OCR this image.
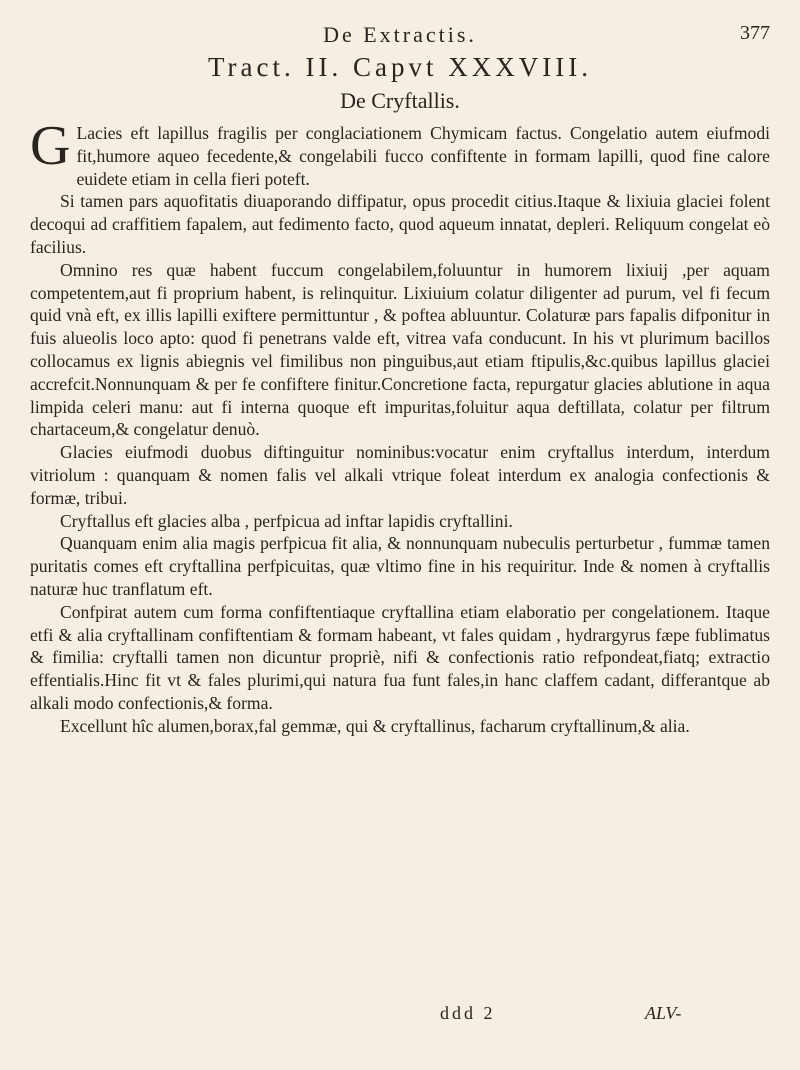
De Extractis.	377
Tract. II. Capvt XXXVIII.
De Cryftallis.

G Lacies eft lapillus fragilis per conglaciationem Chymicam factus. Congelatio autem eiufmodi fit,humore aqueo fecedente,& congelabili fucco confiftente in formam lapilli, quod fine calore euidete etiam in cella fieri poteft.

Si tamen pars aquofitatis diuaporando diffipatur, opus procedit citius.Itaque & lixiuia glaciei folent decoqui ad craffitiem fapalem, aut fedimento facto, quod aqueum innatat, depleri. Reliquum congelat eò facilius.

Omnino res quæ habent fuccum congelabilem,foluuntur in humorem lixiuij ,per aquam competentem,aut fi proprium habent, is relinquitur. Lixiuium colatur diligenter ad purum, vel fi fecum quid vnà eft, ex illis lapilli exiftere permittuntur , & poftea abluuntur. Colaturæ pars fapalis difponitur in fuis alueolis loco apto: quod fi penetrans valde eft, vitrea vafa conducunt. In his vt plurimum bacillos collocamus ex lignis abiegnis vel fimilibus non pinguibus,aut etiam ftipulis,&c.quibus lapillus glaciei accrefcit.Nonnunquam & per fe confiftere finitur.Concretione facta, repurgatur glacies ablutione in aqua limpida celeri manu: aut fi interna quoque eft impuritas,foluitur aqua deftillata, colatur per filtrum chartaceum,& congelatur denuò.

Glacies eiufmodi duobus diftinguitur nominibus:vocatur enim cryftallus interdum, interdum vitriolum : quanquam & nomen falis vel alkali vtrique foleat interdum ex analogia confectionis & formæ, tribui.

Cryftallus eft glacies alba , perfpicua ad inftar lapidis cryftallini.

Quanquam enim alia magis perfpicua fit alia, & nonnunquam nubeculis perturbetur , fummæ tamen puritatis comes eft cryftallina perfpicuitas, quæ vltimo fine in his requiritur. Inde & nomen à cryftallis naturæ huc tranflatum eft.

Confpirat autem cum forma confiftentiaque cryftallina etiam elaboratio per congelationem. Itaque etfi & alia cryftallinam confiftentiam & formam habeant, vt fales quidam , hydrargyrus fæpe fublimatus & fimilia: cryftalli tamen non dicuntur propriè, nifi & confectionis ratio refpondeat,fiatq; extractio effentialis.Hinc fit vt & fales plurimi,qui natura fua funt fales,in hanc claffem cadant, differantque ab alkali modo confectionis,& forma.

Excellunt hîc alumen,borax,fal gemmæ, qui & cryftallinus, facharum cryftallinum,& alia.

ddd 2	ALV-
